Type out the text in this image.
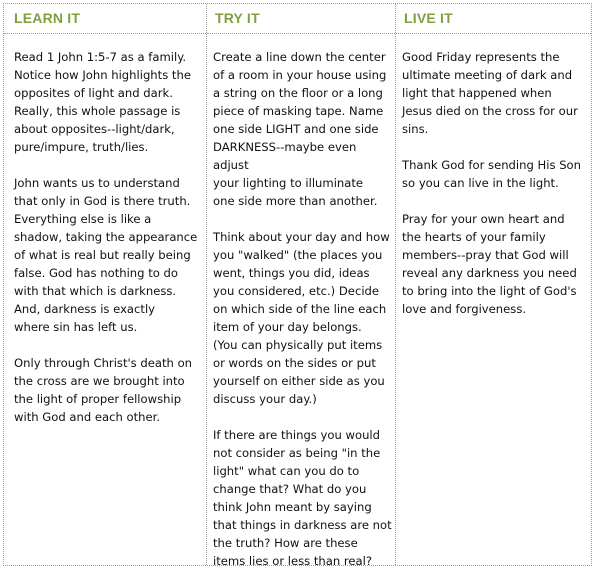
LEARN IT

Read 1 John 1:5-7 as a family.
Notice how John highlights the
opposites of light and dark.
Really, this whole passage is
about opposites--light/dark,
pure/impure, truth/lies.

John wants us to understand
that only in God is there truth.
Everything else is like a
shadow, taking the appearance
of what is real but really being
false. God has nothing to do
with that which is darkness.
And, darkness is exactly
where sin has left us.

Only through Christ's death on
the cross are we brought into
the light of proper fellowship
with God and each other.

TRY IT

Create a line down the center
of a room in your house using
a string on the floor or a long
piece of masking tape. Name
one side LIGHT and one side
DARKNESS--maybe even adjust
your lighting to illuminate
one side more than another.

Think about your day and how
you "walked" (the places you
went, things you did, ideas
you considered, etc.) Decide
on which side of the line each
item of your day belongs.
(You can physically put items
or words on the sides or put
yourself on either side as you
discuss your day.)

If there are things you would
not consider as being "in the
light" what can you do to
change that? What do you
think John meant by saying
that things in darkness are not
the truth? How are these
items lies or less than real?

LIVE IT

Good Friday represents the
ultimate meeting of dark and
light that happened when
Jesus died on the cross for our
sins.

Thank God for sending His Son
so you can live in the light.

Pray for your own heart and
the hearts of your family
members--pray that God will
reveal any darkness you need
to bring into the light of God's
love and forgiveness.
